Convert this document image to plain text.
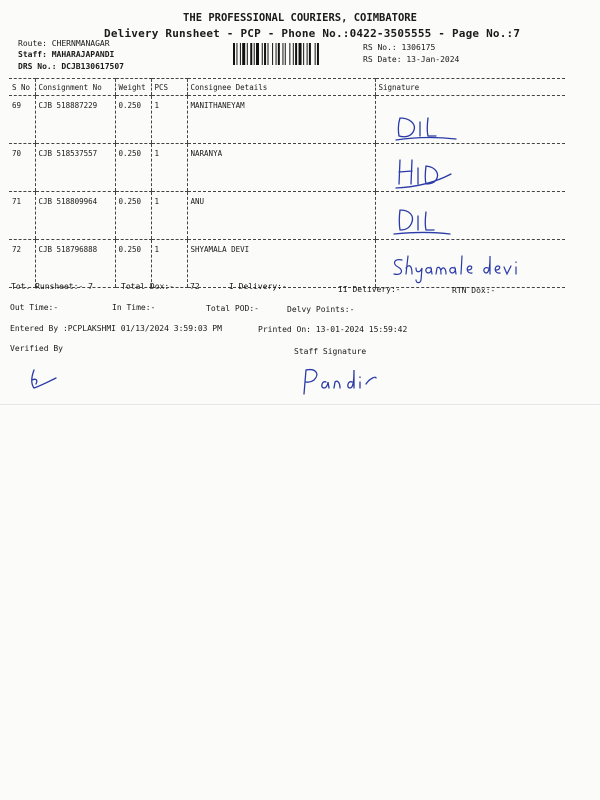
THE PROFESSIONAL COURIERS, COIMBATORE
Delivery Runsheet - PCP - Phone No.:0422-3505555 - Page No.:7
Route: CHERNMANAGAR
Staff: MAHARAJAPANDI
DRS No.: DCJB130617507
RS No.: 1306175
RS Date: 13-Jan-2024
S No	Consignment No	Weight	PCS	Consignee Details	Signature
69	CJB 518887229	0.250	1	MANITHANEYAM	

70	CJB 518537557	0.250	1	NARANYA	

71	CJB 518809964	0.250	1	ANU	

72	CJB 518796888	0.250	1	SHYAMALA DEVI	
Tot. Runsheet:- 7	Total Dox:- 72	I Delivery:-	II Delivery:-	RTN Dox:-
Out Time:-	In Time:-	Total POD:-	Delvy Points:-
Entered By :PCPLAKSHMI 01/13/2024 3:59:03 PM	Printed On: 13-01-2024 15:59:42
Verified By	Staff Signature
